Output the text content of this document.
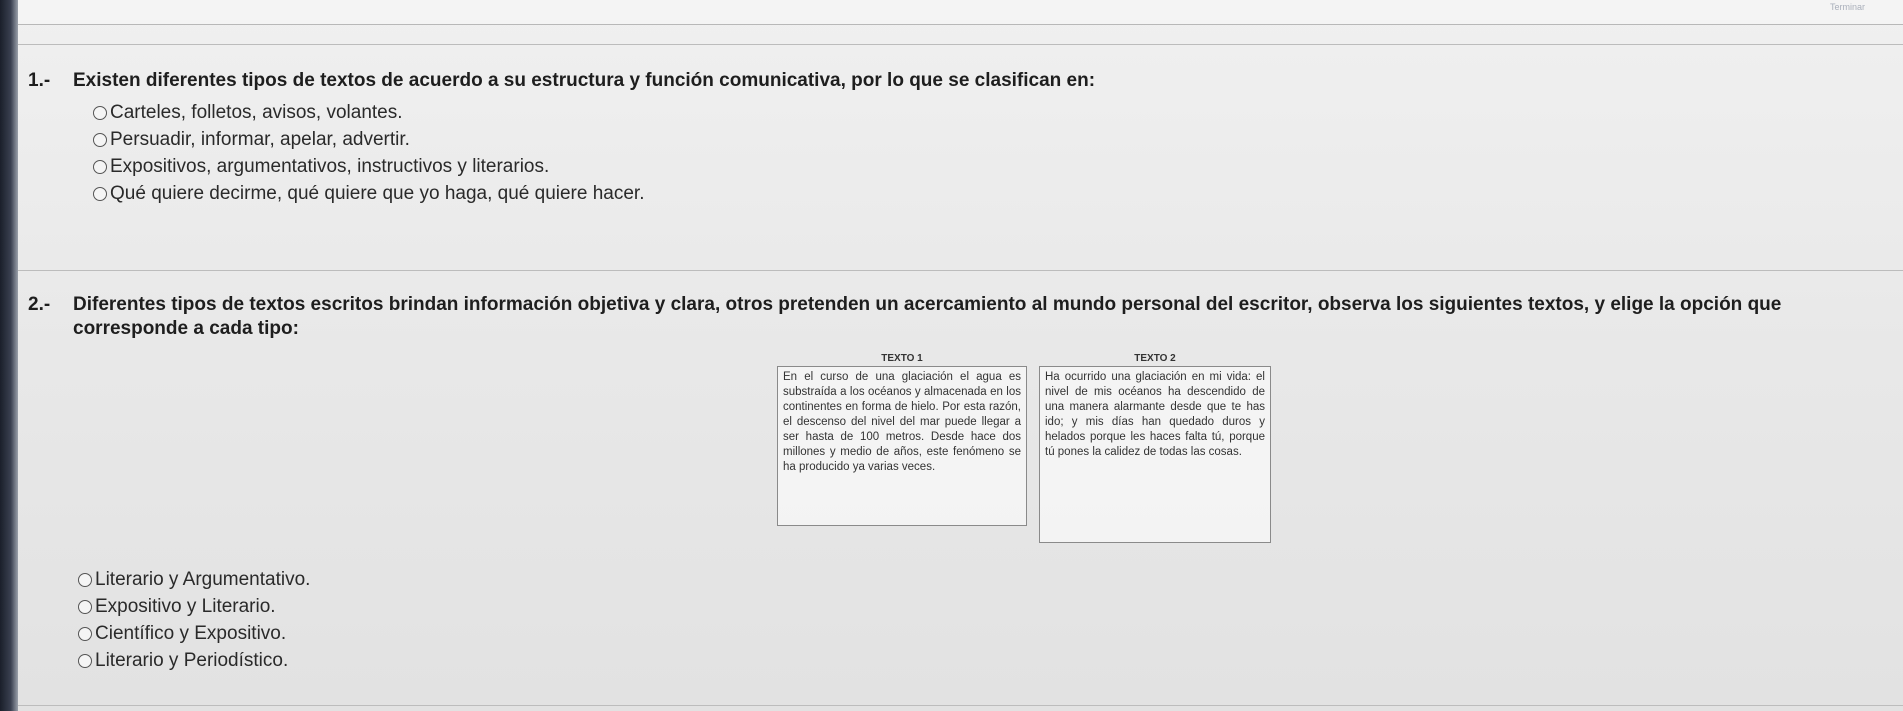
Terminar
1.-	Existen diferentes tipos de textos de acuerdo a su estructura y función comunicativa, por lo que se clasifican en:
Carteles, folletos, avisos, volantes.
Persuadir, informar, apelar, advertir.
Expositivos, argumentativos, instructivos y literarios.
Qué quiere decirme, qué quiere que yo haga, qué quiere hacer.
2.-	Diferentes tipos de textos escritos brindan información objetiva y clara, otros pretenden un acercamiento al mundo personal del escritor, observa los siguientes textos, y elige la opción que corresponde a cada tipo:
TEXTO 1
En el curso de una glaciación el agua es substraída a los océanos y almacenada en los continentes en forma de hielo. Por esta razón, el descenso del nivel del mar puede llegar a ser hasta de 100 metros. Desde hace dos millones y medio de años, este fenómeno se ha producido ya varias veces.
TEXTO 2
Ha ocurrido una glaciación en mi vida: el nivel de mis océanos ha descendido de una manera alarmante desde que te has ido; y mis días han quedado duros y helados porque les haces falta tú, porque tú pones la calidez de todas las cosas.
Literario y Argumentativo.
Expositivo y Literario.
Científico y Expositivo.
Literario y Periodístico.
